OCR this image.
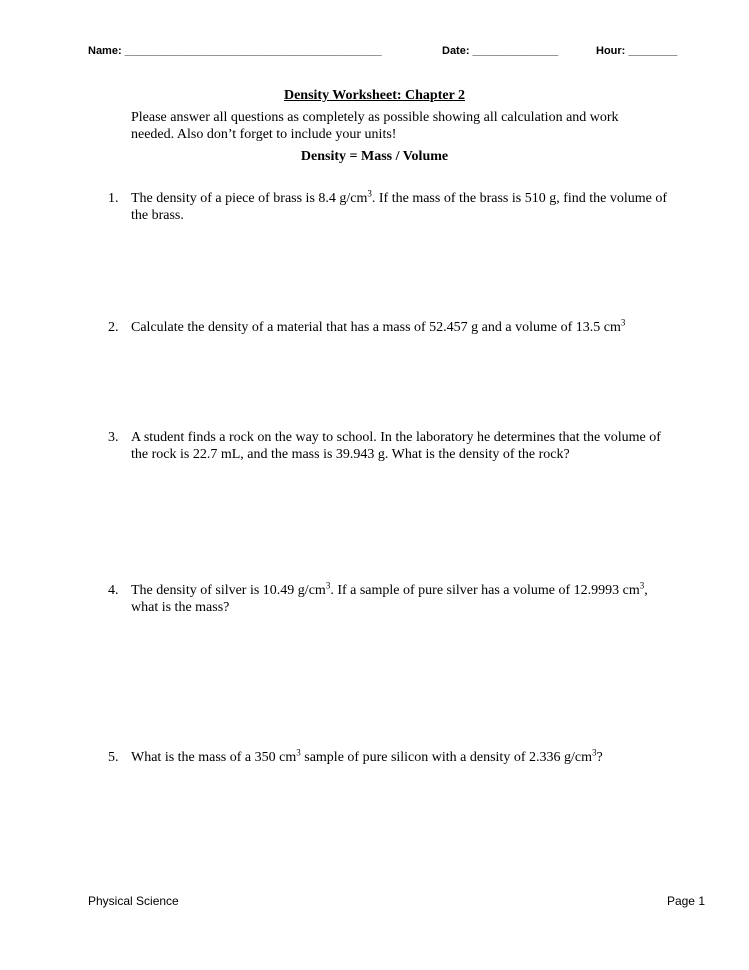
Name: __________________________________________	Date: ______________	Hour: ________
Density Worksheet: Chapter 2
Please answer all questions as completely as possible showing all calculation and work needed. Also don’t forget to include your units!
Density = Mass / Volume
1. The density of a piece of brass is 8.4 $g/cm^3$. If the mass of the brass is 510 g, find the volume of the brass.
2. Calculate the density of a material that has a mass of 52.457 g and a volume of 13.5 $cm^3$
3. A student finds a rock on the way to school. In the laboratory he determines that the volume of the rock is 22.7 mL, and the mass is 39.943 g. What is the density of the rock?
4. The density of silver is 10.49 $g/cm^3$. If a sample of pure silver has a volume of 12.9993 $cm^3$, what is the mass?
5. What is the mass of a 350 $cm^3$ sample of pure silicon with a density of 2.336 $g/cm^3$?
Physical Science	Page 1
